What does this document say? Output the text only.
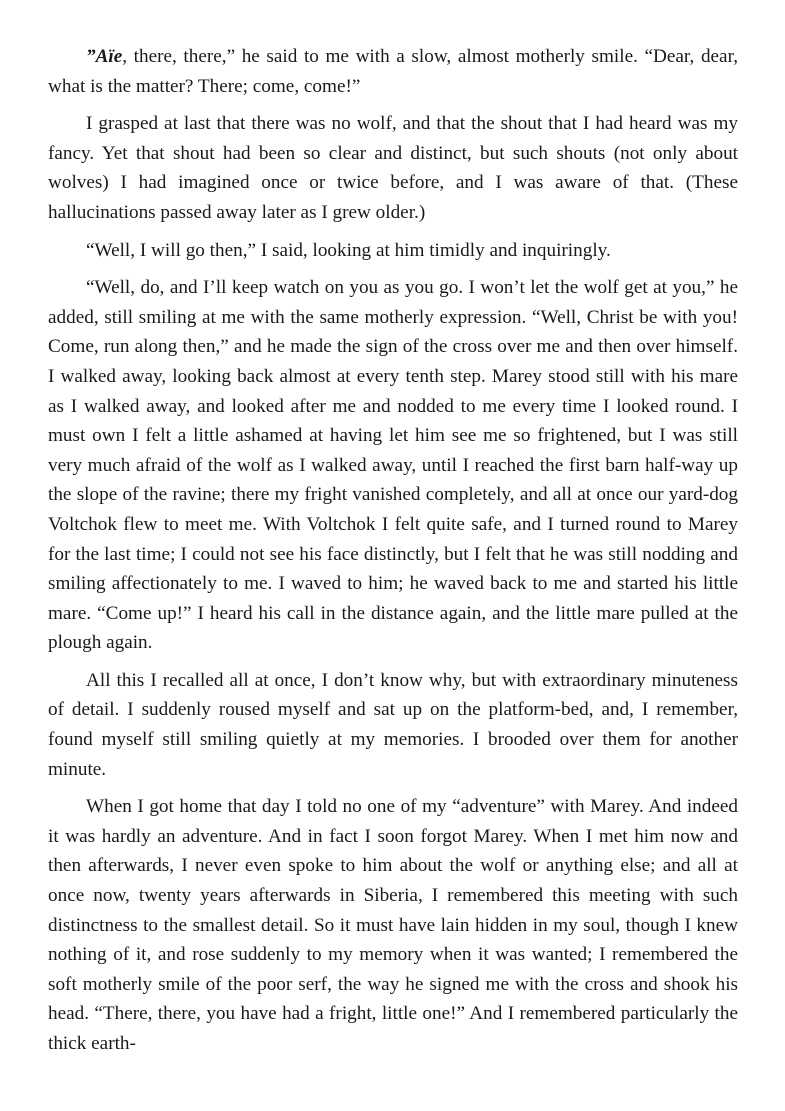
”Aïe, there, there,” he said to me with a slow, almost motherly smile. “Dear, dear, what is the matter? There; come, come!”

I grasped at last that there was no wolf, and that the shout that I had heard was my fancy. Yet that shout had been so clear and distinct, but such shouts (not only about wolves) I had imagined once or twice before, and I was aware of that. (These hallucinations passed away later as I grew older.)

“Well, I will go then,” I said, looking at him timidly and inquiringly.

“Well, do, and I’ll keep watch on you as you go. I won’t let the wolf get at you,” he added, still smiling at me with the same motherly expression. “Well, Christ be with you! Come, run along then,” and he made the sign of the cross over me and then over himself. I walked away, looking back almost at every tenth step. Marey stood still with his mare as I walked away, and looked after me and nodded to me every time I looked round. I must own I felt a little ashamed at having let him see me so frightened, but I was still very much afraid of the wolf as I walked away, until I reached the first barn half-way up the slope of the ravine; there my fright vanished completely, and all at once our yard-dog Voltchok flew to meet me. With Voltchok I felt quite safe, and I turned round to Marey for the last time; I could not see his face distinctly, but I felt that he was still nodding and smiling affectionately to me. I waved to him; he waved back to me and started his little mare. “Come up!” I heard his call in the distance again, and the little mare pulled at the plough again.

All this I recalled all at once, I don’t know why, but with extraordinary minuteness of detail. I suddenly roused myself and sat up on the platform-bed, and, I remember, found myself still smiling quietly at my memories. I brooded over them for another minute.

When I got home that day I told no one of my “adventure” with Marey. And indeed it was hardly an adventure. And in fact I soon forgot Marey. When I met him now and then afterwards, I never even spoke to him about the wolf or anything else; and all at once now, twenty years afterwards in Siberia, I remembered this meeting with such distinctness to the smallest detail. So it must have lain hidden in my soul, though I knew nothing of it, and rose suddenly to my memory when it was wanted; I remembered the soft motherly smile of the poor serf, the way he signed me with the cross and shook his head. “There, there, you have had a fright, little one!” And I remembered particularly the thick earth-
